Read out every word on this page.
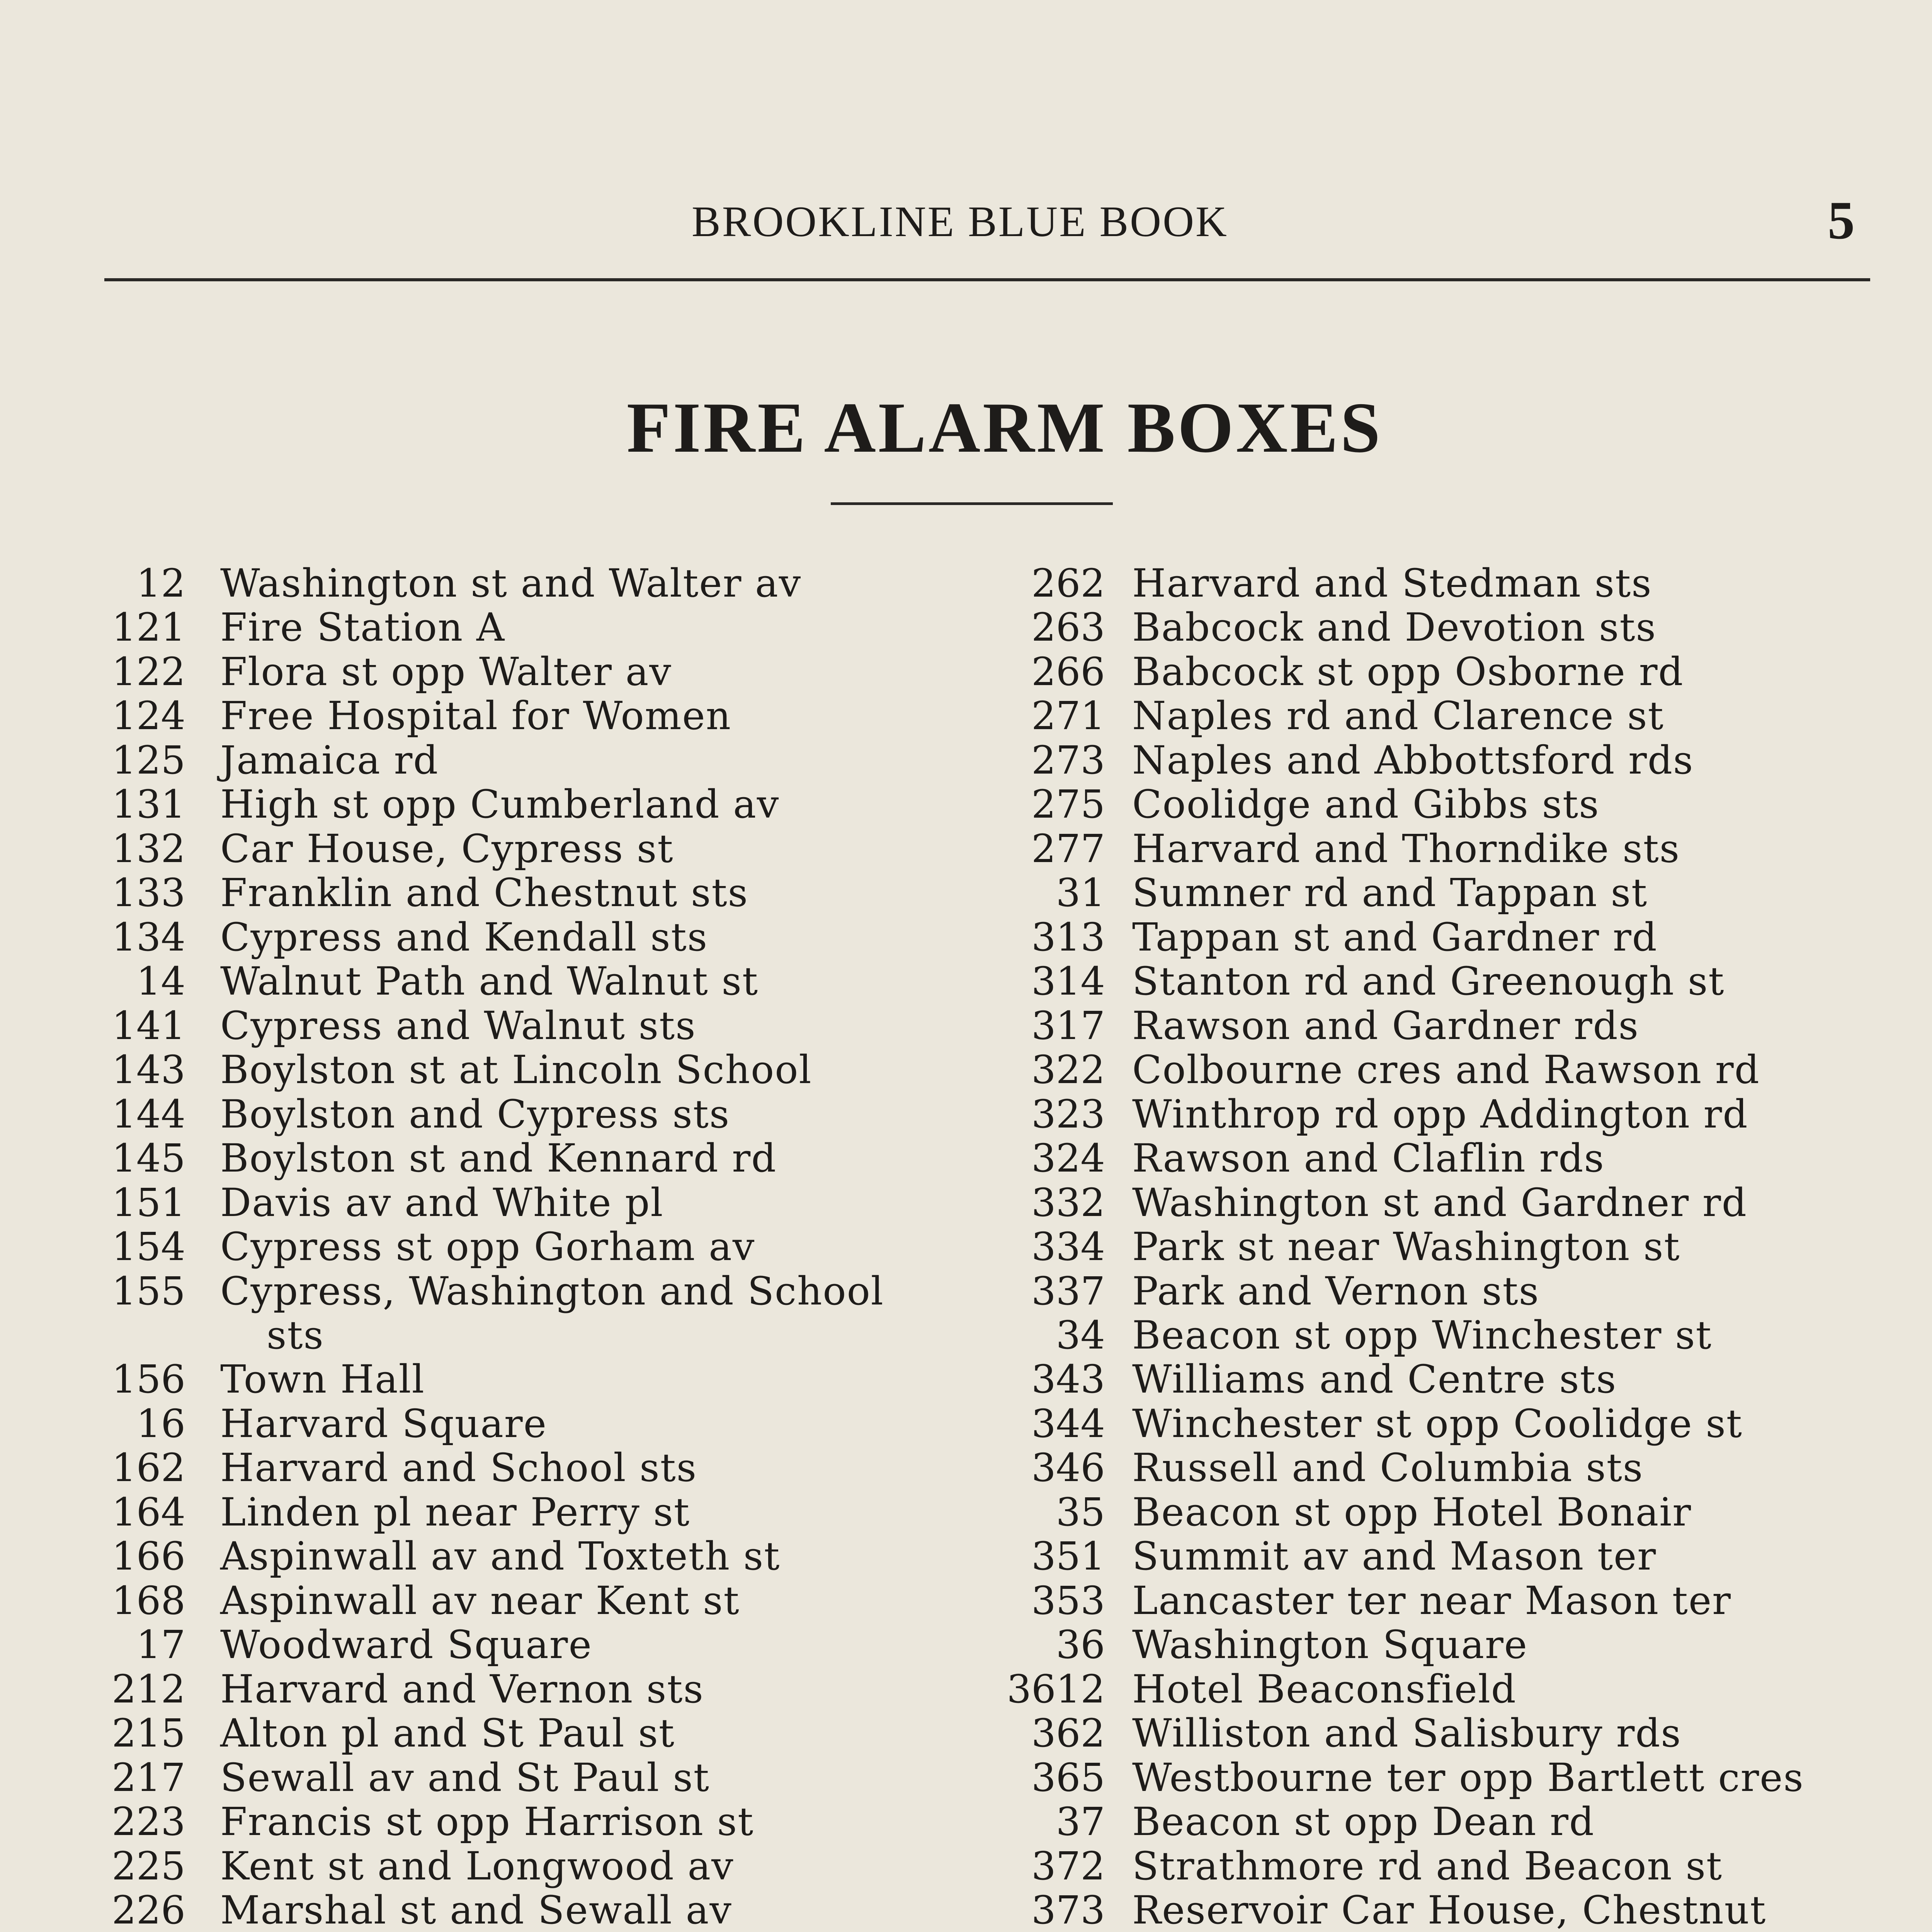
BROOKLINE BLUE BOOK	5
FIRE ALARM BOXES
12 Washington st and Walter av
121 Fire Station A
122 Flora st opp Walter av
124 Free Hospital for Women
125 Jamaica rd
131 High st opp Cumberland av
132 Car House, Cypress st
133 Franklin and Chestnut sts
134 Cypress and Kendall sts
14 Walnut Path and Walnut st
141 Cypress and Walnut sts
143 Boylston st at Lincoln School
144 Boylston and Cypress sts
145 Boylston st and Kennard rd
151 Davis av and White pl
154 Cypress st opp Gorham av
155 Cypress, Washington and School
sts
156 Town Hall
16 Harvard Square
162 Harvard and School sts
164 Linden pl near Perry st
166 Aspinwall av and Toxteth st
168 Aspinwall av near Kent st
17 Woodward Square
212 Harvard and Vernon sts
215 Alton pl and St Paul st
217 Sewall av and St Paul st
223 Francis st opp Harrison st
225 Kent st and Longwood av
226 Marshal st and Sewall av
262 Harvard and Stedman sts
263 Babcock and Devotion sts
266 Babcock st opp Osborne rd
271 Naples rd and Clarence st
273 Naples and Abbottsford rds
275 Coolidge and Gibbs sts
277 Harvard and Thorndike sts
31 Sumner rd and Tappan st
313 Tappan st and Gardner rd
314 Stanton rd and Greenough st
317 Rawson and Gardner rds
322 Colbourne cres and Rawson rd
323 Winthrop rd opp Addington rd
324 Rawson and Claflin rds
332 Washington st and Gardner rd
334 Park st near Washington st
337 Park and Vernon sts
34 Beacon st opp Winchester st
343 Williams and Centre sts
344 Winchester st opp Coolidge st
346 Russell and Columbia sts
35 Beacon st opp Hotel Bonair
351 Summit av and Mason ter
353 Lancaster ter near Mason ter
36 Washington Square
3612 Hotel Beaconsfield
362 Williston and Salisbury rds
365 Westbourne ter opp Bartlett cres
37 Beacon st opp Dean rd
372 Strathmore rd and Beacon st
373 Reservoir Car House, Chestnut
